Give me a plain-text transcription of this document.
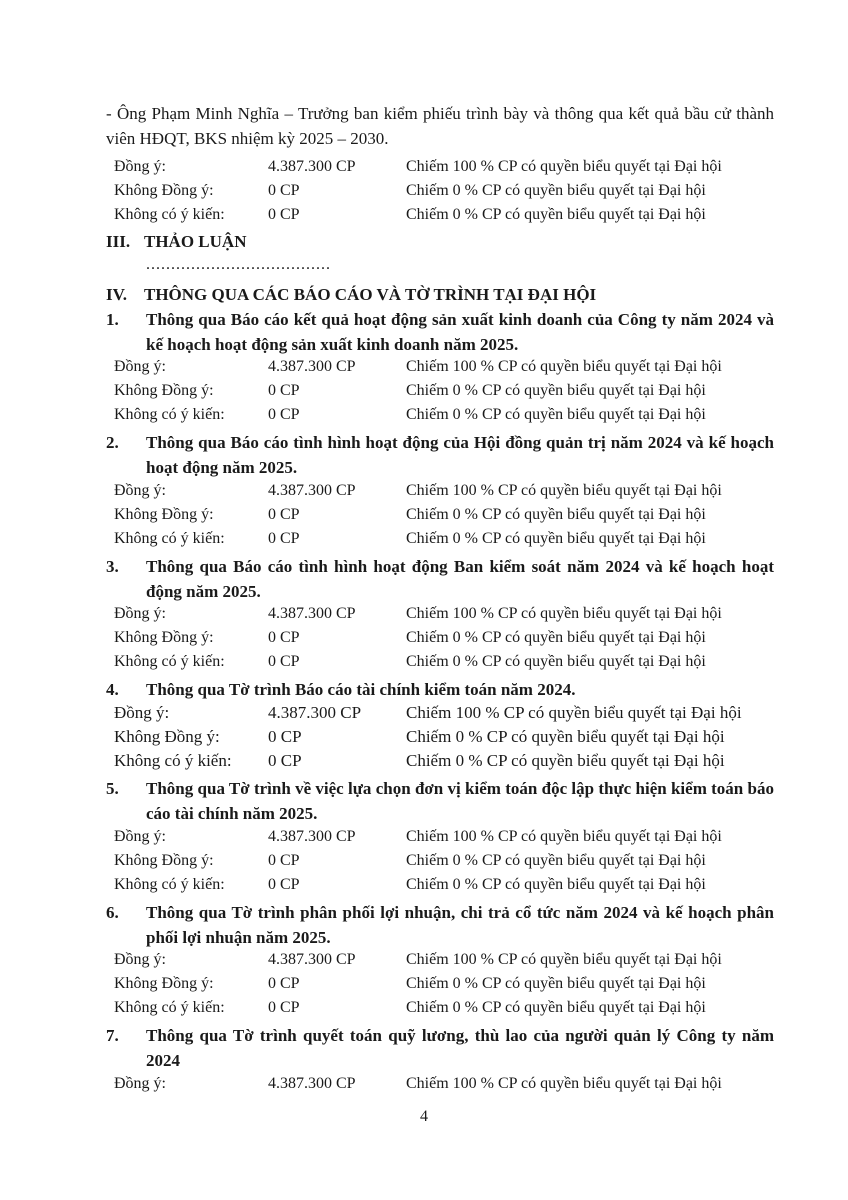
- Ông Phạm Minh Nghĩa – Trưởng ban kiểm phiếu trình bày và thông qua kết quả bầu cử thành viên HĐQT, BKS nhiệm kỳ 2025 – 2030.
Đồng ý:	4.387.300 CP	Chiếm 100 % CP có quyền biểu quyết tại Đại hội
Không Đồng ý:	0 CP	Chiếm 0 % CP có quyền biểu quyết tại Đại hội
Không có ý kiến:	0 CP	Chiếm 0 % CP có quyền biểu quyết tại Đại hội
III. THẢO LUẬN
.....................................
IV. THÔNG QUA CÁC BÁO CÁO VÀ TỜ TRÌNH TẠI ĐẠI HỘI
1. Thông qua Báo cáo kết quả hoạt động sản xuất kinh doanh của Công ty năm 2024 và kế hoạch hoạt động sản xuất kinh doanh năm 2025.
Đồng ý:	4.387.300 CP	Chiếm 100 % CP có quyền biểu quyết tại Đại hội
Không Đồng ý:	0 CP	Chiếm 0 % CP có quyền biểu quyết tại Đại hội
Không có ý kiến:	0 CP	Chiếm 0 % CP có quyền biểu quyết tại Đại hội
2. Thông qua Báo cáo tình hình hoạt động của Hội đồng quản trị năm 2024 và kế hoạch hoạt động năm 2025.
Đồng ý:	4.387.300 CP	Chiếm 100 % CP có quyền biểu quyết tại Đại hội
Không Đồng ý:	0 CP	Chiếm 0 % CP có quyền biểu quyết tại Đại hội
Không có ý kiến:	0 CP	Chiếm 0 % CP có quyền biểu quyết tại Đại hội
3. Thông qua Báo cáo tình hình hoạt động Ban kiểm soát năm 2024 và kế hoạch hoạt động năm 2025.
Đồng ý:	4.387.300 CP	Chiếm 100 % CP có quyền biểu quyết tại Đại hội
Không Đồng ý:	0 CP	Chiếm 0 % CP có quyền biểu quyết tại Đại hội
Không có ý kiến:	0 CP	Chiếm 0 % CP có quyền biểu quyết tại Đại hội
4. Thông qua Tờ trình Báo cáo tài chính kiểm toán năm 2024.
Đồng ý:	4.387.300 CP	Chiếm 100 % CP có quyền biểu quyết tại Đại hội
Không Đồng ý:	0 CP	Chiếm 0 % CP có quyền biểu quyết tại Đại hội
Không có ý kiến: 0 CP	Chiếm 0 % CP có quyền biểu quyết tại Đại hội
5. Thông qua Tờ trình về việc lựa chọn đơn vị kiểm toán độc lập thực hiện kiểm toán báo cáo tài chính năm 2025.
Đồng ý:	4.387.300 CP	Chiếm 100 % CP có quyền biểu quyết tại Đại hội
Không Đồng ý:	0 CP	Chiếm 0 % CP có quyền biểu quyết tại Đại hội
Không có ý kiến:	0 CP	Chiếm 0 % CP có quyền biểu quyết tại Đại hội
6. Thông qua Tờ trình phân phối lợi nhuận, chi trả cổ tức năm 2024 và kế hoạch phân phối lợi nhuận năm 2025.
Đồng ý:	4.387.300 CP	Chiếm 100 % CP có quyền biểu quyết tại Đại hội
Không Đồng ý:	0 CP	Chiếm 0 % CP có quyền biểu quyết tại Đại hội
Không có ý kiến:	0 CP	Chiếm 0 % CP có quyền biểu quyết tại Đại hội
7. Thông qua Tờ trình quyết toán quỹ lương, thù lao của người quản lý Công ty năm 2024
Đồng ý:	4.387.300 CP	Chiếm 100 % CP có quyền biểu quyết tại Đại hội
4
